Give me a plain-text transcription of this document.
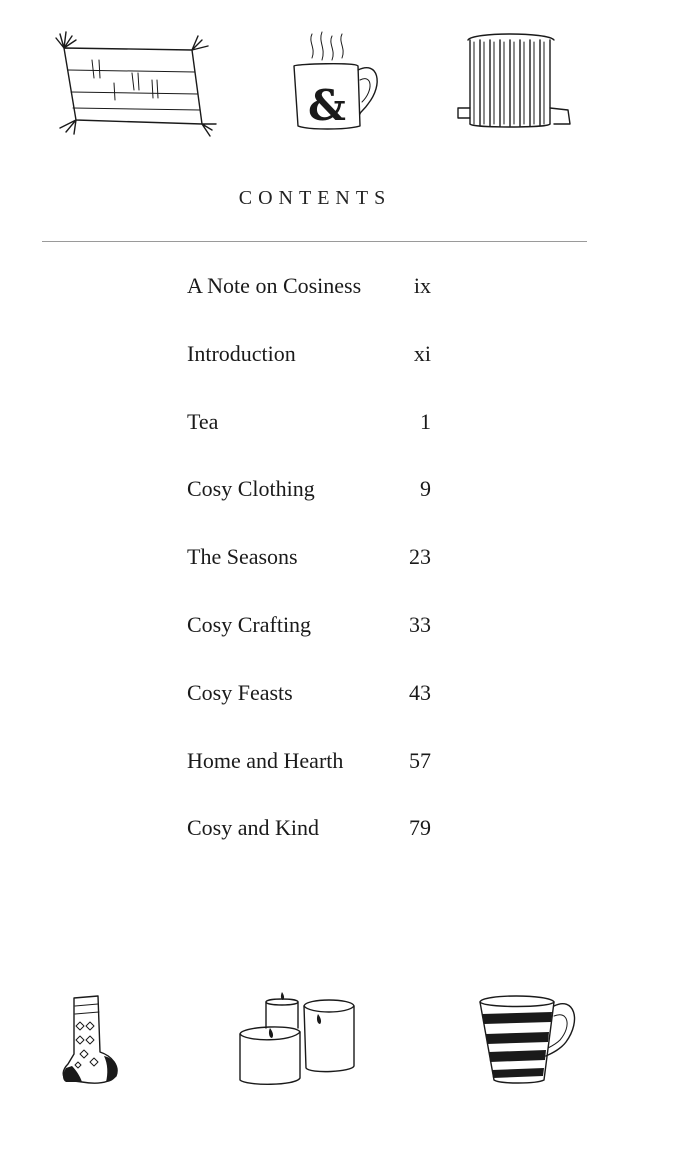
&
CONTENTS
A Note on Cosiness ix
Introduction	xi
Tea	1
Cosy Clothing	9
The Seasons	23
Cosy Crafting	33
Cosy Feasts	43
Home and Hearth	57
Cosy and Kind	79
